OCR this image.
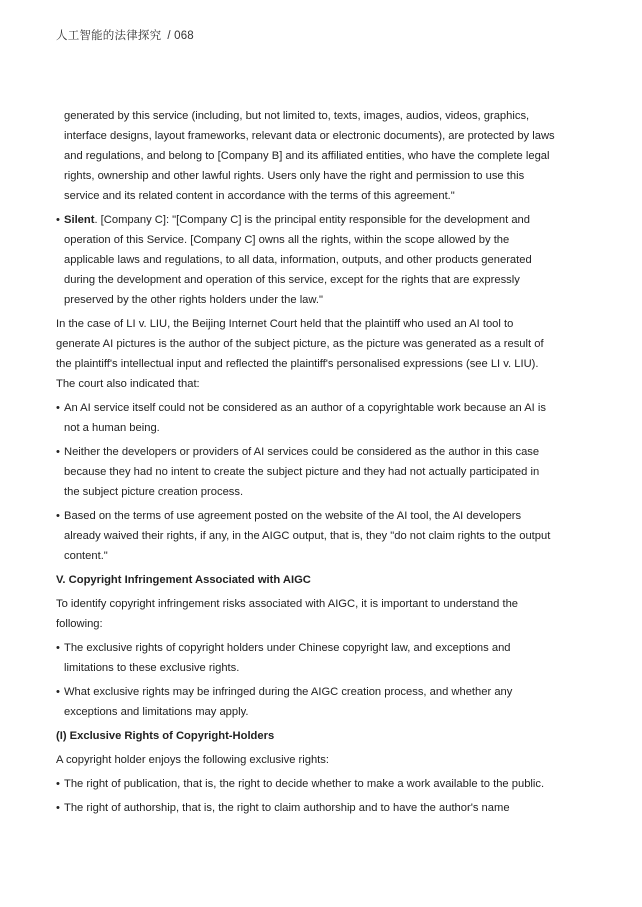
人工智能的法律探究 / 068

generated by this service (including, but not limited to, texts, images, audios, videos, graphics, interface designs, layout frameworks, relevant data or electronic documents), are protected by laws and regulations, and belong to [Company B] and its affiliated entities, who have the complete legal rights, ownership and other lawful rights. Users only have the right and permission to use this service and its related content in accordance with the terms of this agreement."

• Silent. [Company C]: "[Company C] is the principal entity responsible for the development and operation of this Service. [Company C] owns all the rights, within the scope allowed by the applicable laws and regulations, to all data, information, outputs, and other products generated during the development and operation of this service, except for the rights that are expressly preserved by the other rights holders under the law."

In the case of LI v. LIU, the Beijing Internet Court held that the plaintiff who used an AI tool to generate AI pictures is the author of the subject picture, as the picture was generated as a result of the plaintiff's intellectual input and reflected the plaintiff's personalised expressions (see LI v. LIU). The court also indicated that:

• An AI service itself could not be considered as an author of a copyrightable work because an AI is not a human being.
• Neither the developers or providers of AI services could be considered as the author in this case because they had no intent to create the subject picture and they had not actually participated in the subject picture creation process.
• Based on the terms of use agreement posted on the website of the AI tool, the AI developers already waived their rights, if any, in the AIGC output, that is, they "do not claim rights to the output content."

V. Copyright Infringement Associated with AIGC

To identify copyright infringement risks associated with AIGC, it is important to understand the following:

• The exclusive rights of copyright holders under Chinese copyright law, and exceptions and limitations to these exclusive rights.
• What exclusive rights may be infringed during the AIGC creation process, and whether any exceptions and limitations may apply.

(I) Exclusive Rights of Copyright-Holders

A copyright holder enjoys the following exclusive rights:

• The right of publication, that is, the right to decide whether to make a work available to the public.
• The right of authorship, that is, the right to claim authorship and to have the author's name
